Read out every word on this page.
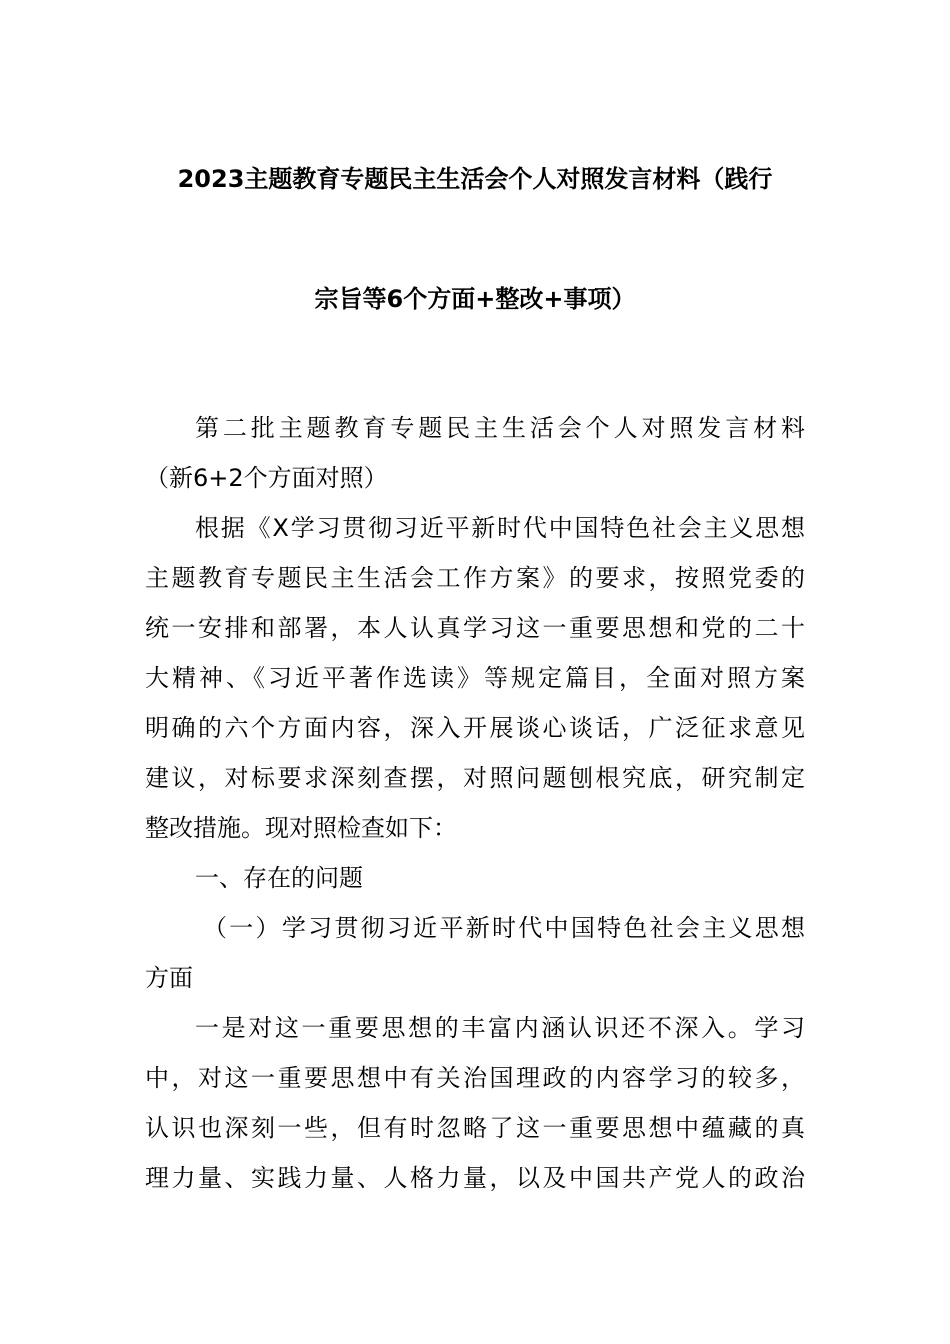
2023主题教育专题民主生活会个人对照发言材料（践行
宗旨等6个方面+整改+事项）
第二批主题教育专题民主生活会个人对照发言材料
（新6+2个方面对照）
根据《X学习贯彻习近平新时代中国特色社会主义思想
主题教育专题民主生活会工作方案》的要求，按照党委的
统一安排和部署，本人认真学习这一重要思想和党的二十
大精神、《习近平著作选读》等规定篇目，全面对照方案
明确的六个方面内容，深入开展谈心谈话，广泛征求意见
建议，对标要求深刻查摆，对照问题刨根究底，研究制定
整改措施。现对照检查如下：
一、存在的问题
（一）学习贯彻习近平新时代中国特色社会主义思想
方面
一是对这一重要思想的丰富内涵认识还不深入。学习
中，对这一重要思想中有关治国理政的内容学习的较多，
认识也深刻一些，但有时忽略了这一重要思想中蕴藏的真
理力量、实践力量、人格力量，以及中国共产党人的政治
